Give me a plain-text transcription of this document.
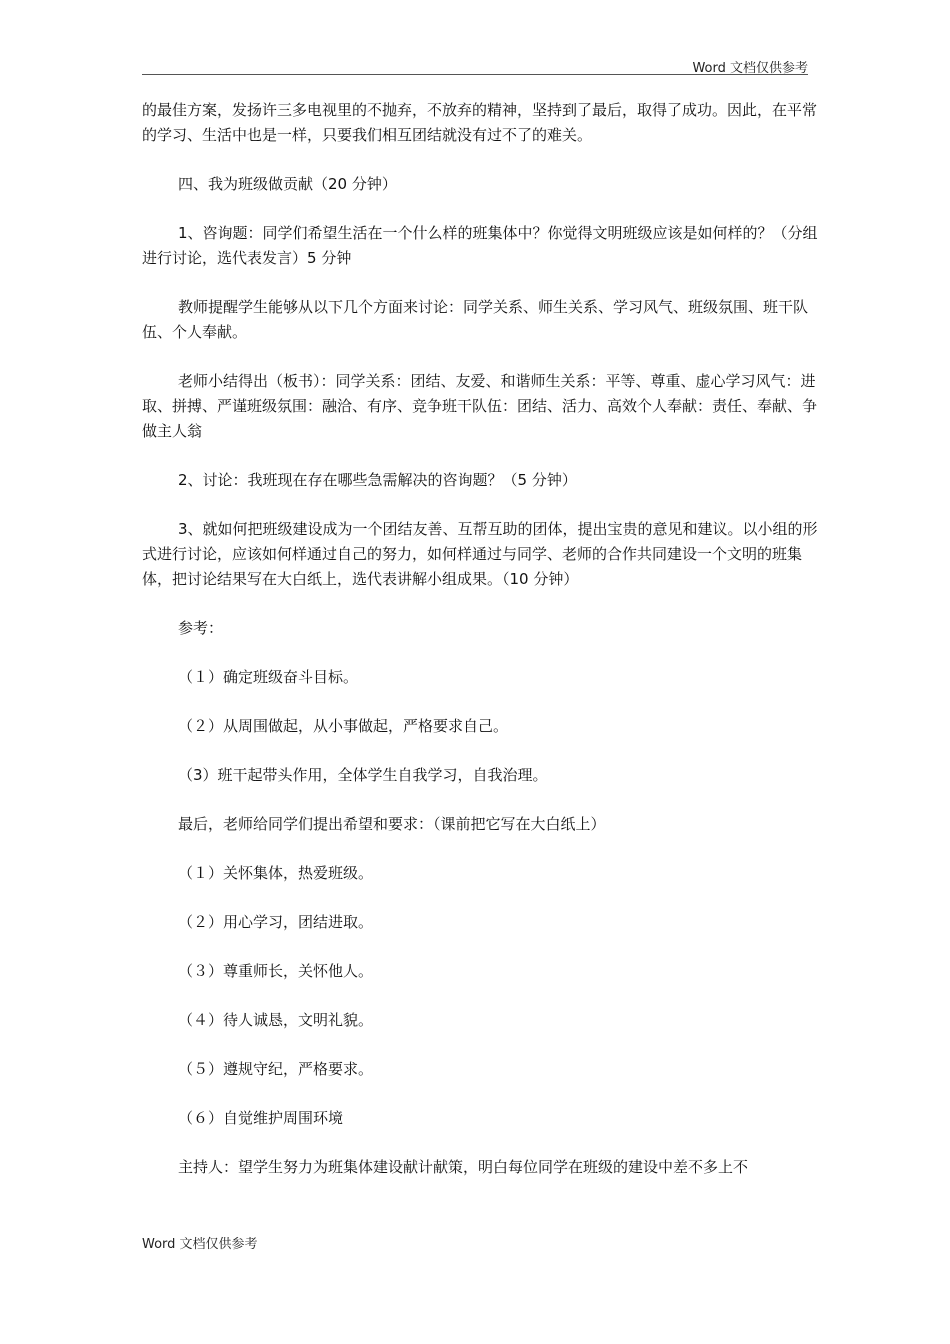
Word 文档仅供参考

的最佳方案，发扬许三多电视里的不抛弃，不放弃的精神，坚持到了最后，取得了成功。因此，在平常的学习、生活中也是一样，只要我们相互团结就没有过不了的难关。

四、我为班级做贡献（20 分钟）

1、咨询题：同学们希望生活在一个什么样的班集体中？你觉得文明班级应该是如何样的？（分组进行讨论，选代表发言）5 分钟

教师提醒学生能够从以下几个方面来讨论：同学关系、师生关系、学习风气、班级氛围、班干队伍、个人奉献。

老师小结得出（板书）：同学关系：团结、友爱、和谐师生关系：平等、尊重、虚心学习风气：进取、拼搏、严谨班级氛围：融洽、有序、竞争班干队伍：团结、活力、高效个人奉献：责任、奉献、争做主人翁

2、讨论：我班现在存在哪些急需解决的咨询题？（5 分钟）

3、就如何把班级建设成为一个团结友善、互帮互助的团体，提出宝贵的意见和建议。以小组的形式进行讨论，应该如何样通过自己的努力，如何样通过与同学、老师的合作共同建设一个文明的班集体，把讨论结果写在大白纸上，选代表讲解小组成果。（10 分钟）

参考：

（１）确定班级奋斗目标。

（２）从周围做起，从小事做起，严格要求自己。

（3）班干起带头作用，全体学生自我学习，自我治理。

最后，老师给同学们提出希望和要求：（课前把它写在大白纸上）

（１）关怀集体，热爱班级。

（２）用心学习，团结进取。

（３）尊重师长，关怀他人。

（４）待人诚恳，文明礼貌。

（５）遵规守纪，严格要求。

（６）自觉维护周围环境

主持人：望学生努力为班集体建设献计献策，明白每位同学在班级的建设中差不多上不

Word 文档仅供参考
